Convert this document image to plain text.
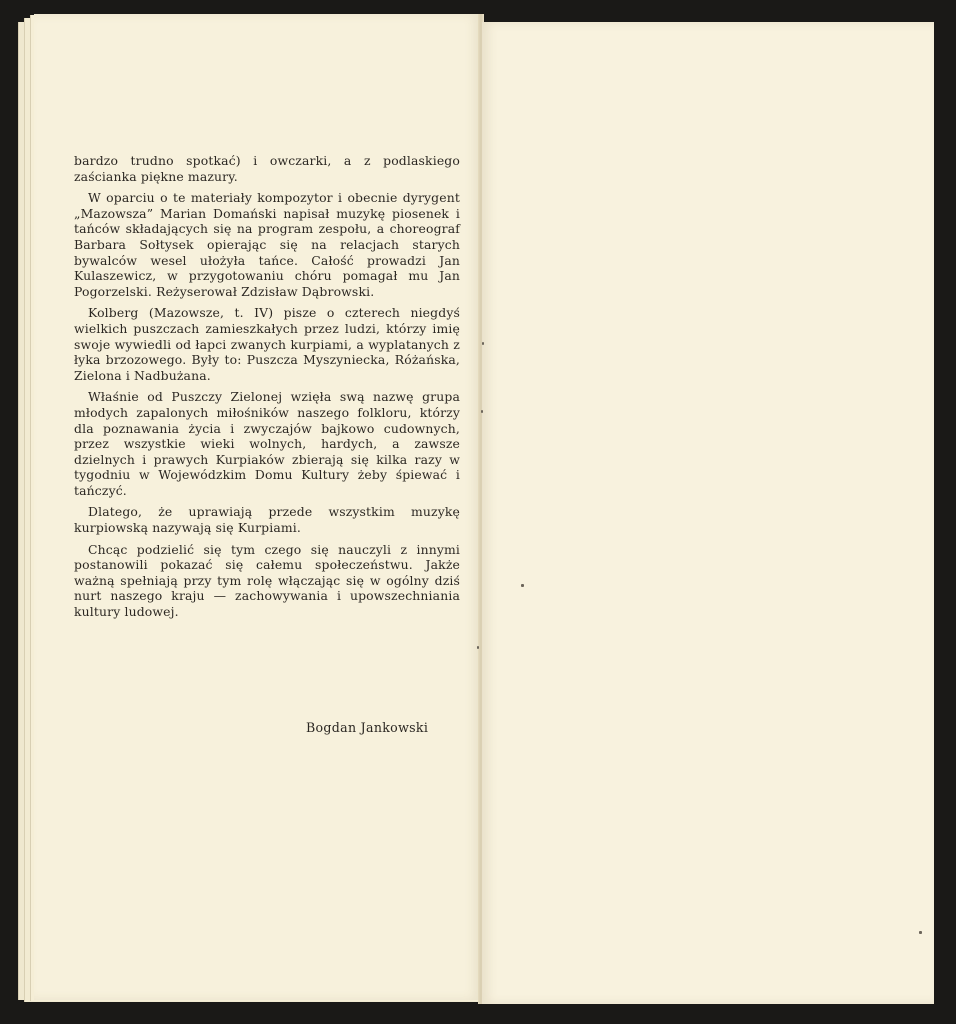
bardzo trudno spotkać) i owczarki, a z podlaskiego zaścianka piękne mazury.

W oparciu o te materiały kompozytor i obecnie dyrygent „Mazowsza” Marian Domański napisał muzykę piosenek i tańców składających się na program zespołu, a choreograf Barbara Sołtysek opierając się na relacjach starych bywalców wesel ułożyła tańce. Całość prowadzi Jan Kulaszewicz, w przygotowaniu chóru pomagał mu Jan Pogorzelski. Reżyserował Zdzisław Dąbrowski.

Kolberg (Mazowsze, t. IV) pisze o czterech niegdyś wielkich puszczach zamieszkałych przez ludzi, którzy imię swoje wywiedli od łapci zwanych kurpiami, a wyplatanych z łyka brzozowego. Były to: Puszcza Myszyniecka, Różańska, Zielona i Nadbużana.

Właśnie od Puszczy Zielonej wzięła swą nazwę grupa młodych zapalonych miłośników naszego folkloru, którzy dla poznawania życia i zwyczajów bajkowo cudownych, przez wszystkie wieki wolnych, hardych, a zawsze dzielnych i prawych Kurpiaków zbierają się kilka razy w tygodniu w Wojewódzkim Domu Kultury żeby śpiewać i tańczyć.

Dlatego, że uprawiają przede wszystkim muzykę kurpiowską nazywają się Kurpiami.

Chcąc podzielić się tym czego się nauczyli z innymi postanowili pokazać się całemu społeczeństwu. Jakże ważną spełniają przy tym rolę włączając się w ogólny dziś nurt naszego kraju — zachowywania i upowszechniania kultury ludowej.

Bogdan Jankowski
